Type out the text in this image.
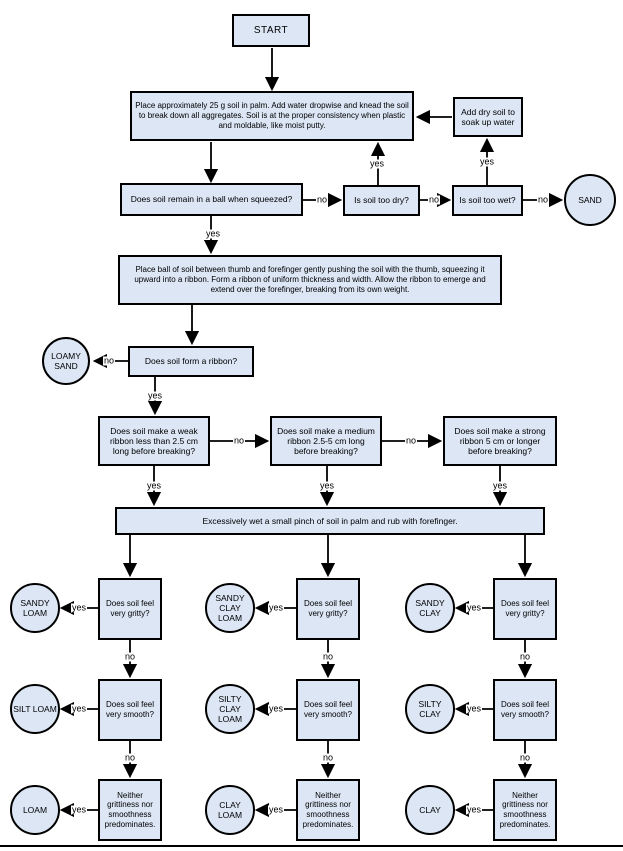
START
Place approximately 25 g soil in palm. Add water dropwise and knead the soil to break down all aggregates. Soil is at the proper consistency when plastic and moldable, like moist putty.
Add dry soil to soak up water
Does soil remain in a ball when squeezed?	Is soil too dry?	Is soil too wet?
Place ball of soil between thumb and forefinger gently pushing the soil with the thumb, squeezing it upward into a ribbon. Form a ribbon of uniform thickness and width. Allow the ribbon to emerge and extend over the forefinger, breaking from its own weight.
Does soil form a ribbon?
Does soil make a weak ribbon less than 2.5 cm long before breaking?
Does soil make a medium ribbon 2.5-5 cm long before breaking?
Does soil make a strong ribbon 5 cm or longer before breaking?
Excessively wet a small pinch of soil in palm and rub with forefinger.
Does soil feel very gritty?
Does soil feel very gritty?
Does soil feel very gritty?
Does soil feel very smooth?
Does soil feel very smooth?
Does soil feel very smooth?
Neither grittiness nor smoothness predominates.
Neither grittiness nor smoothness predominates.
Neither grittiness nor smoothness predominates.
SAND
LOAMY SAND
SANDY LOAM
SANDY CLAY LOAM
SANDY CLAY
SILT LOAM
SILTY CLAY LOAM
SILTY CLAY
LOAM
CLAY LOAM
CLAY
no
yes
no
yes
no
yes
no
yes
no	no
yes	yes	yes
yes	yes	yes
no	no	no
yes	yes	yes
no	no	no
yes	yes	yes
